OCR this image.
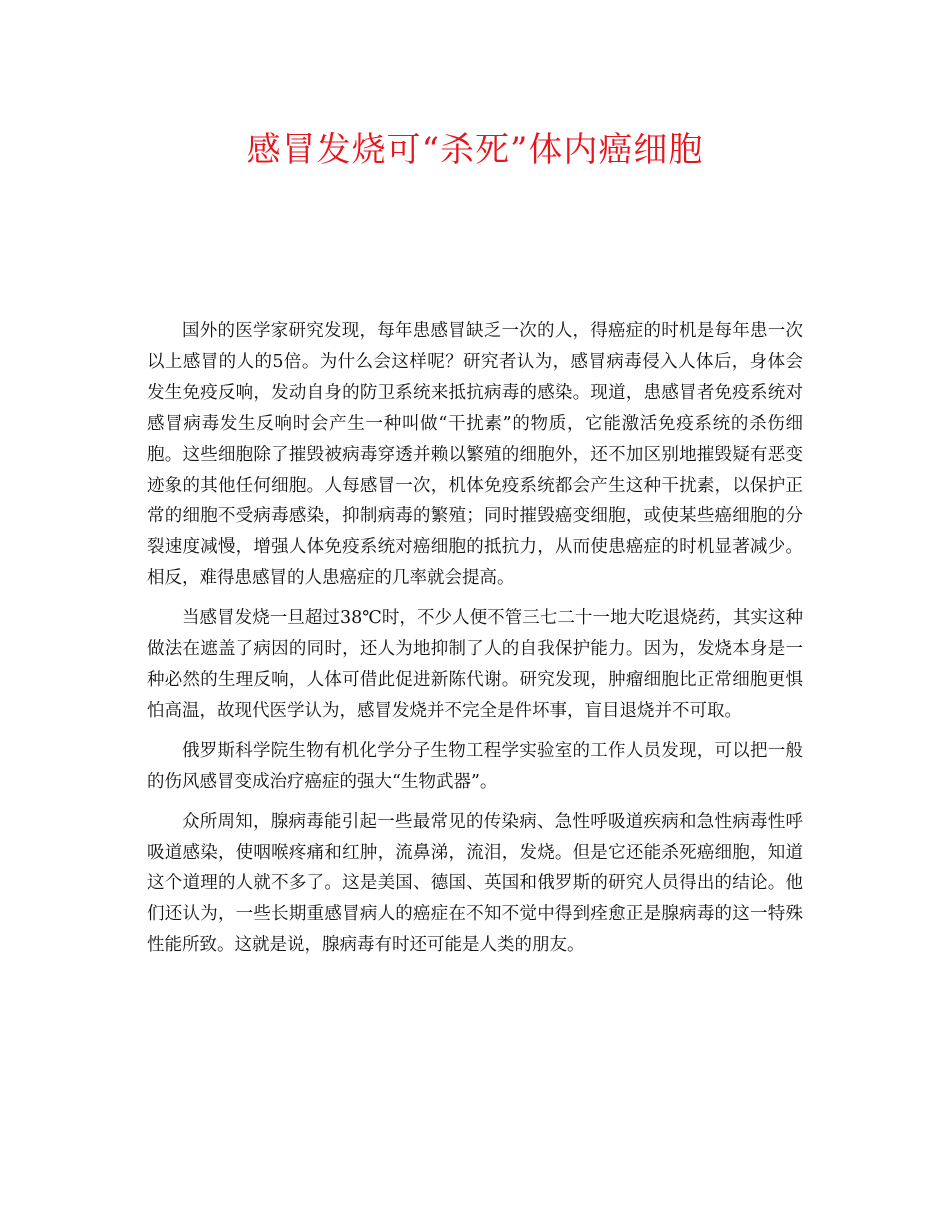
感冒发烧可“杀死”体内癌细胞

国外的医学家研究发现，每年患感冒缺乏一次的人，得癌症的时机是每年患一次以上感冒的人的5倍。为什么会这样呢？研究者认为，感冒病毒侵入人体后，身体会发生免疫反响，发动自身的防卫系统来抵抗病毒的感染。现道，患感冒者免疫系统对感冒病毒发生反响时会产生一种叫做“干扰素”的物质，它能激活免疫系统的杀伤细胞。这些细胞除了摧毁被病毒穿透并赖以繁殖的细胞外，还不加区别地摧毁疑有恶变迹象的其他任何细胞。人每感冒一次，机体免疫系统都会产生这种干扰素，以保护正常的细胞不受病毒感染，抑制病毒的繁殖；同时摧毁癌变细胞，或使某些癌细胞的分裂速度减慢，增强人体免疫系统对癌细胞的抵抗力，从而使患癌症的时机显著减少。相反，难得患感冒的人患癌症的几率就会提高。

当感冒发烧一旦超过38℃时，不少人便不管三七二十一地大吃退烧药，其实这种做法在遮盖了病因的同时，还人为地抑制了人的自我保护能力。因为，发烧本身是一种必然的生理反响，人体可借此促进新陈代谢。研究发现，肿瘤细胞比正常细胞更惧怕高温，故现代医学认为，感冒发烧并不完全是件坏事，盲目退烧并不可取。

俄罗斯科学院生物有机化学分子生物工程学实验室的工作人员发现，可以把一般的伤风感冒变成治疗癌症的强大“生物武器”。

众所周知，腺病毒能引起一些最常见的传染病、急性呼吸道疾病和急性病毒性呼吸道感染，使咽喉疼痛和红肿，流鼻涕，流泪，发烧。但是它还能杀死癌细胞，知道这个道理的人就不多了。这是美国、德国、英国和俄罗斯的研究人员得出的结论。他们还认为，一些长期重感冒病人的癌症在不知不觉中得到痊愈正是腺病毒的这一特殊性能所致。这就是说，腺病毒有时还可能是人类的朋友。
